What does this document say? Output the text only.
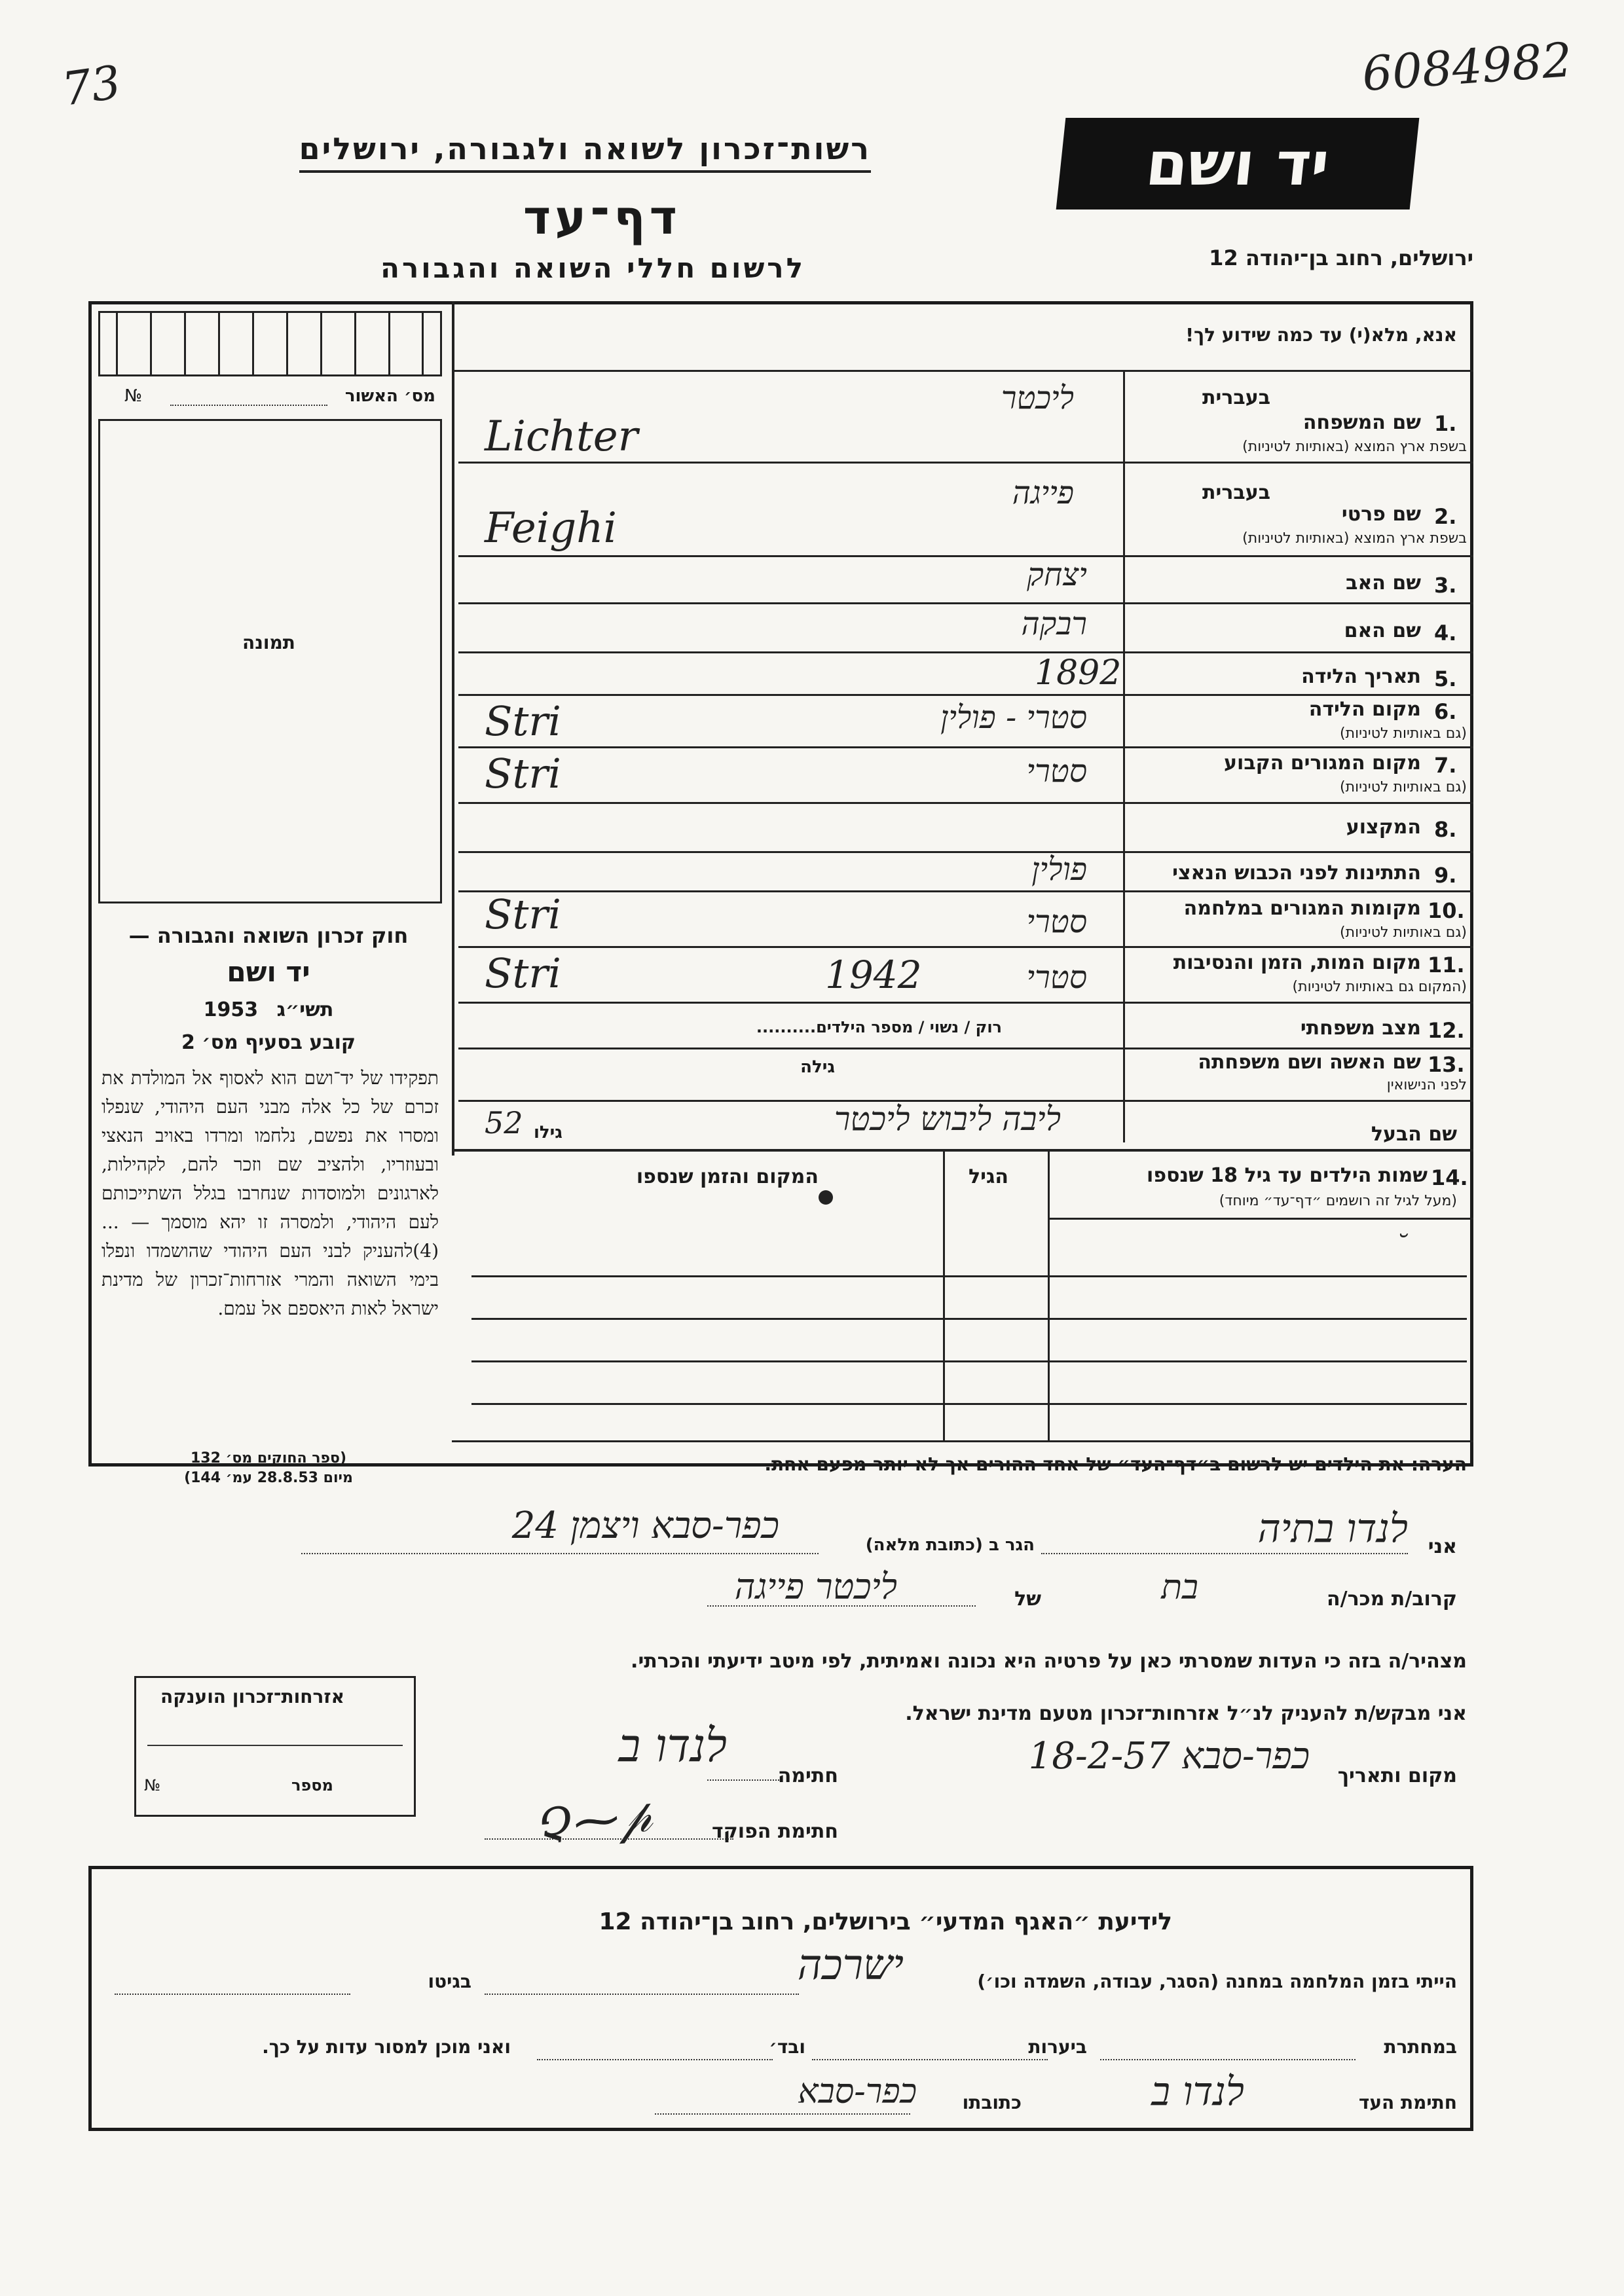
73	6084982
רשות־זכרון לשואה ולגבורה, ירושלים
דף־עד
לרשום חללי השואה והגבורה
יד ושם
ירושלים, רחוב בן־יהודה 12
מס׳ האשור
№
תמונה
חוק זכרון השואה והגבורה —
יד ושם
1953 תשי״ג
קובע בסעיף מס׳ 2
תפקידו של יד־ושם הוא לאסוף אל המולדת את זכרם של כל אלה מבני העם היהודי, שנפלו ומסרו את נפשם, נלחמו ומרדו באויב הנאצי ובעוזריו, ולהציב שם וזכר להם, לקהילות, לארגונים ולמוסדות שנחרבו בגלל השתייכותם לעם היהודי, ולמסרה זו יהא מוסמך — ...(4)להעניק לבני העם היהודי שהושמדו ונפלו בימי השואה והמרי אזרחות־זכרון של מדינת ישראל לאות היאספם אל עמם.
(ספר החוקים מס׳ 132
מיום 28.8.53 עמ׳ 144)
אנא, מלא(י) עד כמה שידוע לך!
1.
שם המשפחה
בשפת ארץ המוצא (באותיות לטיניות)
בעברית
ליכטר
Lichter
2.
שם פרטי
בשפת ארץ המוצא (באותיות לטיניות)
בעברית
פייגה
Feighi
3.
שם האב
יצחק
4.
שם האם
רבקה
5.
תאריך הלידה
1892
6.
מקום הלידה
(גם באותיות לטיניות)
סטרי - פולין
Stri
7.
מקום המגורים הקבוע
(גם באותיות לטיניות)
סטרי
Stri
8.
המקצוע
9.
התתינות לפני הכבוש הנאצי
פולין
10.
מקומות המגורים במלחמה
(גם באותיות לטיניות)
סטרי
Stri
11.
מקום המות, הזמן והנסיבות
(המקום גם באותיות לטיניות)
סטרי
1942
Stri
12.
מצב משפחתי
רוק / נשוי / מספר הילדים..........
13.
שם האשה ושם משפחתה
לפני הנישואין
גילה
שם הבעל
ליבה ליבוש ליכטר
גילו
52
14.
שמות הילדים עד גיל 18 שנספו
(מעל לגיל זה רושמים ״דף־עד״ מיוחד)
הגיל
המקום והזמן שנספו
˘
הערה: את הילדים יש לרשום ב״דף־העד״ של אחד ההורים אך לא יותר מפעם אחת.
אני
לנדו בתיה
הגר ב (כתובת מלאה)
כפר-סבא ויצמן 24
קרוב/ת מכר/ה
בת
של
ליכטר פייגה
מצהיר/ה בזה כי העדות שמסרתי כאן על פרטיה היא נכונה ואמיתית, לפי מיטב ידיעתי והכרתי.
אני מבקש/ת להעניק לנ״ל אזרחות־זכרון מטעם מדינת ישראל.
מקום ותאריך
כפר-סבא 18-2-57
חתימה
לנדו ב
חתימת הפוקד
Չ⁓𝓅
אזרחות־זכרון הוענקה
מספר
№
לידיעת ״האגף המדעי״ בירושלים, רחוב בן־יהודה 12
הייתי בזמן המלחמה במחנה (הסגר, עבודה, השמדה וכו׳)
ישרכה
בגיטו
במחתרת
ביערות
ובד׳
ואני מוכן למסור עדות על כך.
חתימת העד
לנדו ב
כתובתו
כפר-סבא
